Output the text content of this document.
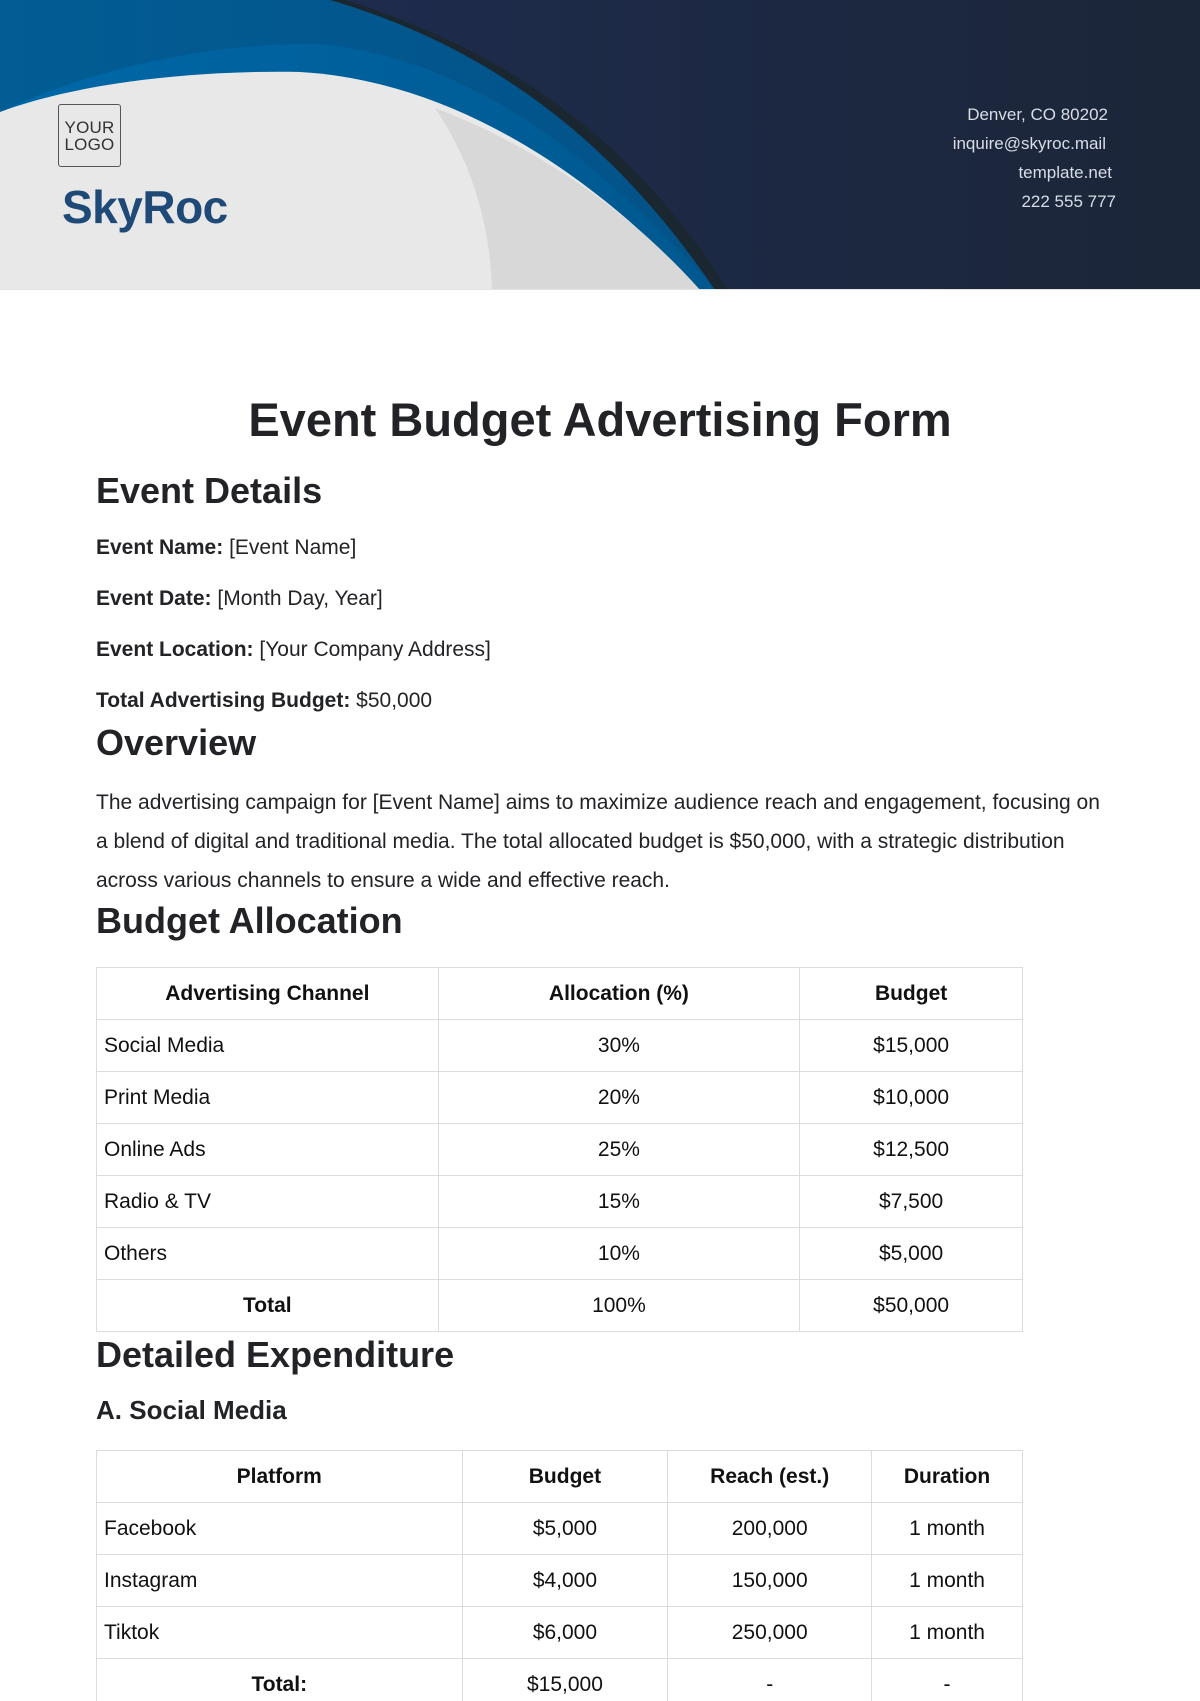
YOUR
LOGO
SkyRoc
Denver, CO 80202
inquire@skyroc.mail
template.net
222 555 777
Event Budget Advertising Form
Event Details
Event Name: [Event Name]
Event Date: [Month Day, Year]
Event Location: [Your Company Address]
Total Advertising Budget: $50,000
Overview

The advertising campaign for [Event Name] aims to maximize audience reach and engagement, focusing on a blend of digital and traditional media. The total allocated budget is $50,000, with a strategic distribution across various channels to ensure a wide and effective reach.

Budget Allocation
Advertising Channel	Allocation (%)	Budget
Social Media	30%	$15,000
Print Media	20%	$10,000
Online Ads	25%	$12,500
Radio & TV	15%	$7,500
Others	10%	$5,000
Total	100%	$50,000
Detailed Expenditure
A. Social Media
Platform	Budget	Reach (est.)	Duration
Facebook	$5,000	200,000	1 month
Instagram	$4,000	150,000	1 month
Tiktok	$6,000	250,000	1 month
Total:	$15,000	-	-
